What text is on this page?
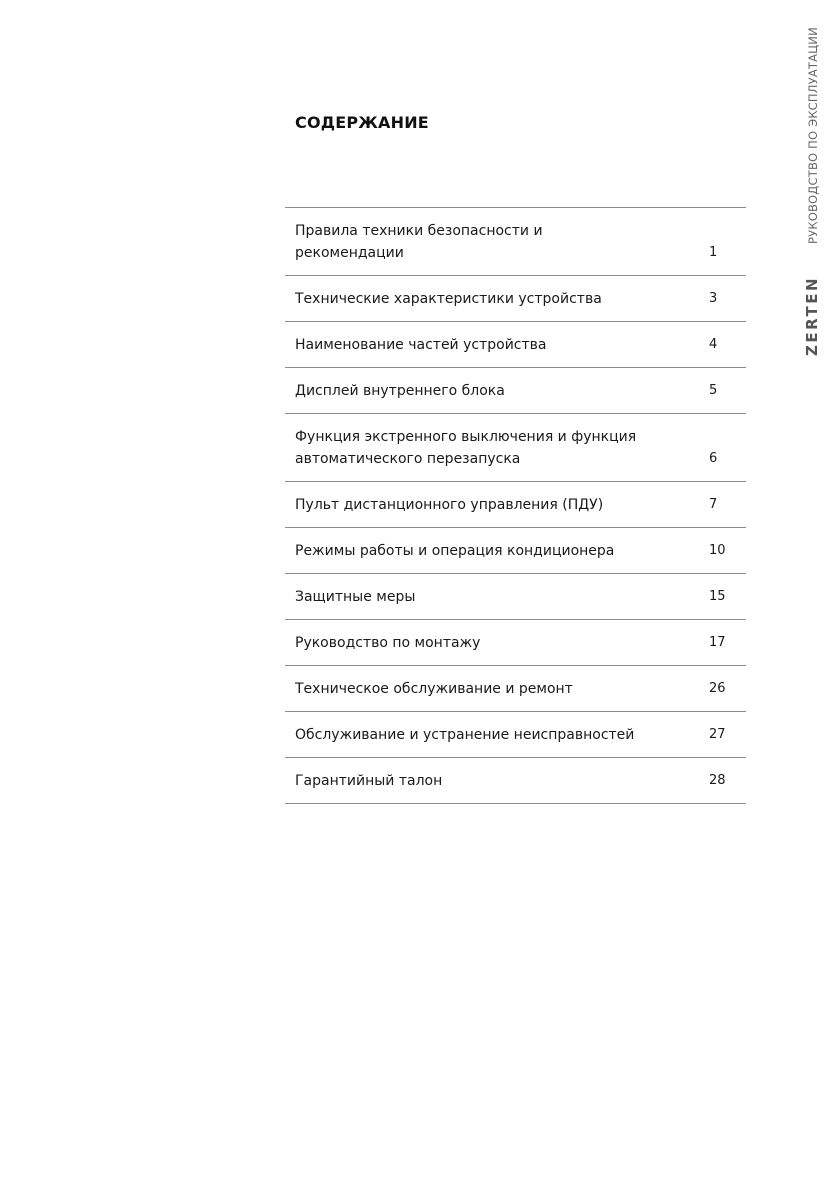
РУКОВОДСТВО ПО ЭКСПЛУАТАЦИИ
ZERTEN
СОДЕРЖАНИЕ
Правила техники безопасности и рекомендации	1
Технические характеристики устройства	3
Наименование частей устройства	4
Дисплей внутреннего блока	5
Функция экстренного выключения и функция автоматического перезапуска	6
Пульт дистанционного управления (ПДУ)	7
Режимы работы и операция кондиционера	10
Защитные меры	15
Руководство по монтажу	17
Техническое обслуживание и ремонт	26
Обслуживание и устранение неисправностей	27
Гарантийный талон	28
